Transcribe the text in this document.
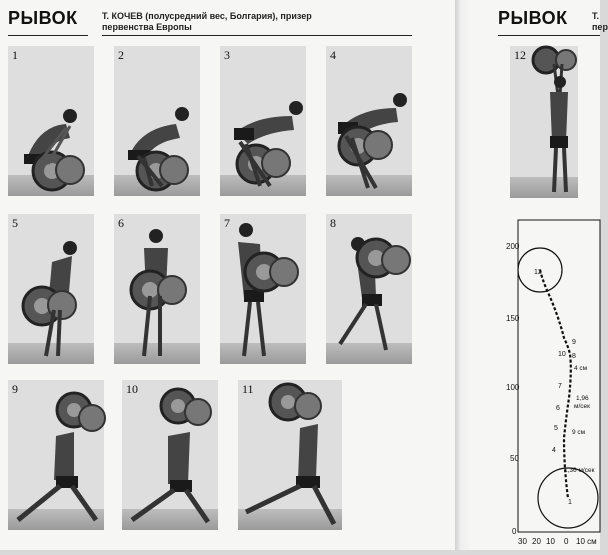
РЫВОК	Т. КОЧЕВ (полусредний вес, Болгария), призер
первенства Европы	РЫВОК	Т.
пер
1	2	3	4
5	6	7	8
9	10	11
12
200
150
100
50
0
30 20 10 0 10 см
12
9
10 8
7
6
5
4
1
4 см
1,96
м/сек
9 см
1,36 м/сек
